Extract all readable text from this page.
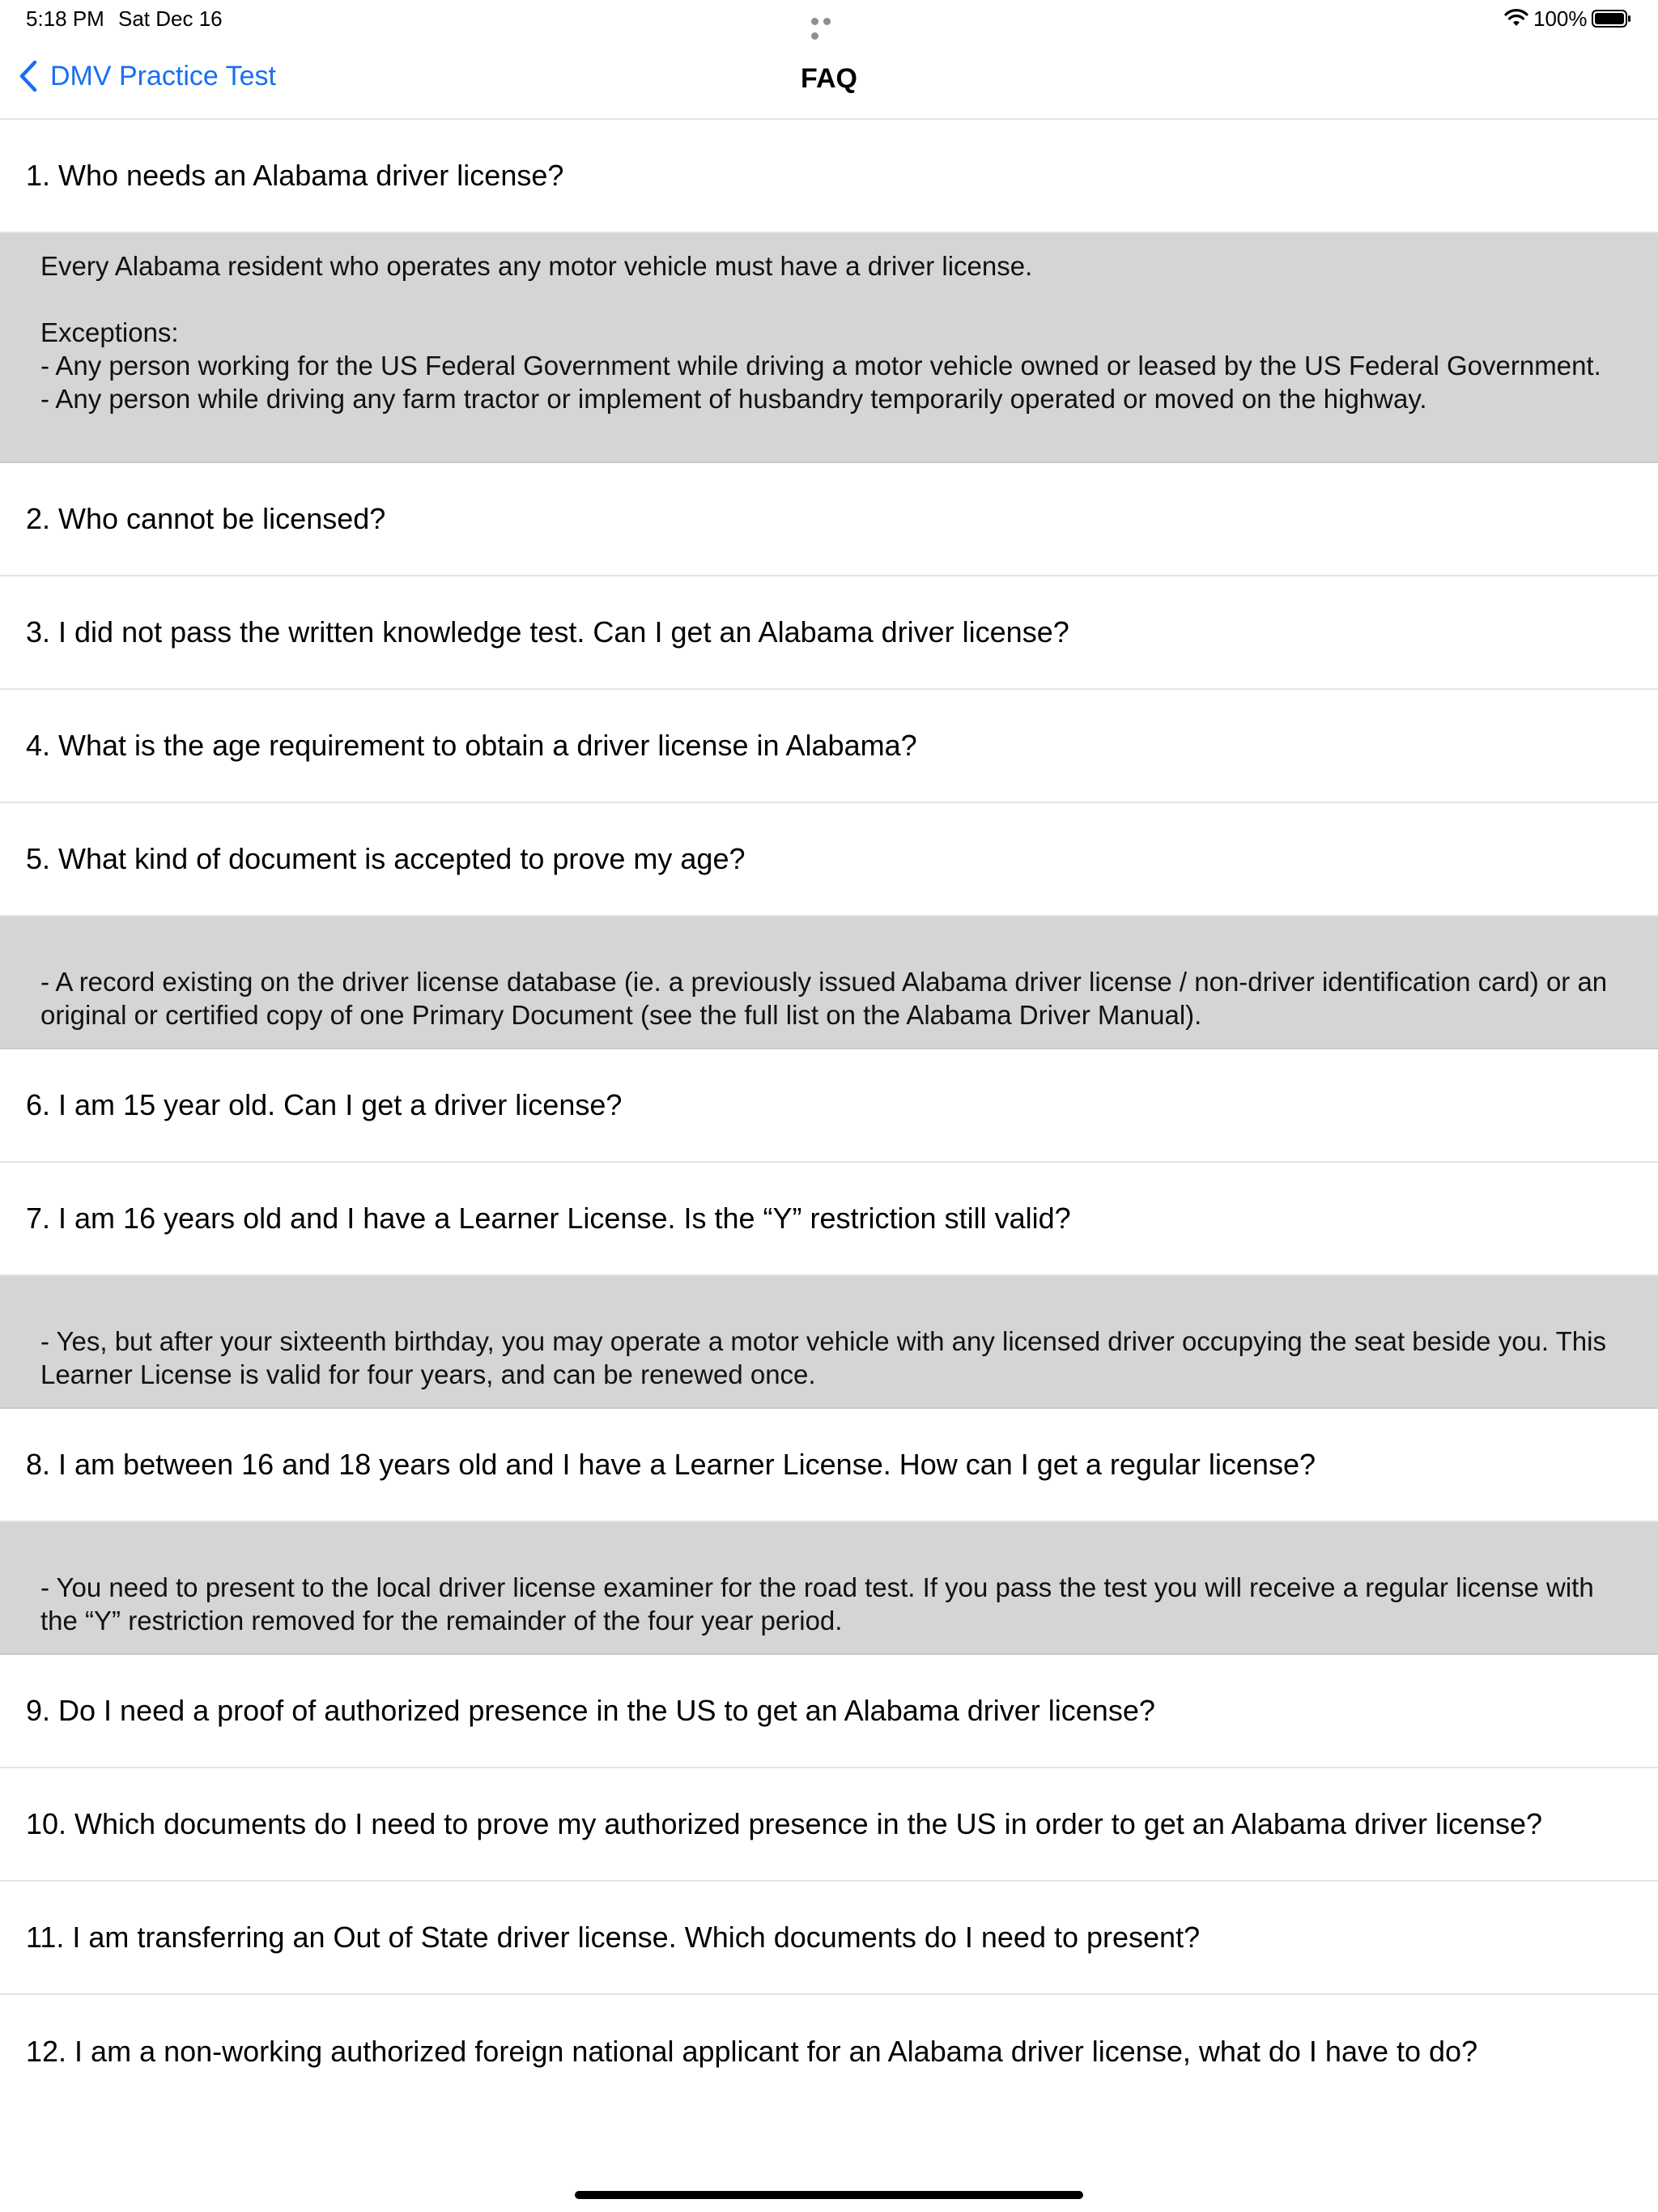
5:18 PM Sat Dec 16	100%
DMV Practice Test	FAQ
1. Who needs an Alabama driver license?
Every Alabama resident who operates any motor vehicle must have a driver license.

Exceptions:
- Any person working for the US Federal Government while driving a motor vehicle owned or leased by the US Federal Government.
- Any person while driving any farm tractor or implement of husbandry temporarily operated or moved on the highway.
2. Who cannot be licensed?
3. I did not pass the written knowledge test. Can I get an Alabama driver license?
4. What is the age requirement to obtain a driver license in Alabama?
5. What kind of document is accepted to prove my age?
- A record existing on the driver license database (ie. a previously issued Alabama driver license / non-driver identification card) or an original or certified copy of one Primary Document (see the full list on the Alabama Driver Manual).
6. I am 15 year old. Can I get a driver license?
7. I am 16 years old and I have a Learner License. Is the “Y” restriction still valid?
- Yes, but after your sixteenth birthday, you may operate a motor vehicle with any licensed driver occupying the seat beside you. This Learner License is valid for four years, and can be renewed once.
8. I am between 16 and 18 years old and I have a Learner License. How can I get a regular license?
- You need to present to the local driver license examiner for the road test. If you pass the test you will receive a regular license with the “Y” restriction removed for the remainder of the four year period.
9. Do I need a proof of authorized presence in the US to get an Alabama driver license?
10. Which documents do I need to prove my authorized presence in the US in order to get an Alabama driver license?
11. I am transferring an Out of State driver license. Which documents do I need to present?
12. I am a non-working authorized foreign national applicant for an Alabama driver license, what do I have to do?
